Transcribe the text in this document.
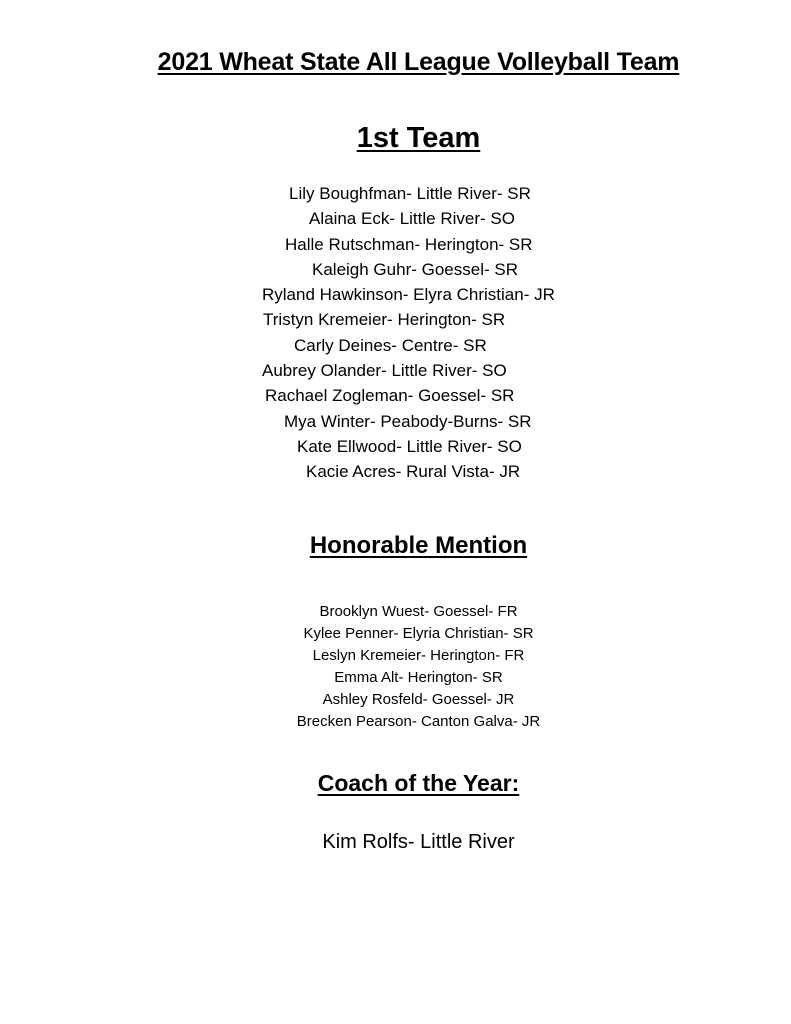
2021 Wheat State All League Volleyball Team
1st Team
Lily Boughfman- Little River- SR
Alaina Eck- Little River- SO
Halle Rutschman- Herington- SR
Kaleigh Guhr- Goessel- SR
Ryland Hawkinson- Elyra Christian- JR
Tristyn Kremeier- Herington- SR
Carly Deines- Centre- SR
Aubrey Olander- Little River- SO
Rachael Zogleman- Goessel- SR
Mya Winter- Peabody-Burns- SR
Kate Ellwood- Little River- SO
Kacie Acres- Rural Vista- JR
Honorable Mention
Brooklyn Wuest- Goessel- FR
Kylee Penner- Elyria Christian- SR
Leslyn Kremeier- Herington- FR
Emma Alt- Herington- SR
Ashley Rosfeld- Goessel- JR
Brecken Pearson- Canton Galva- JR
Coach of the Year:
Kim Rolfs- Little River
